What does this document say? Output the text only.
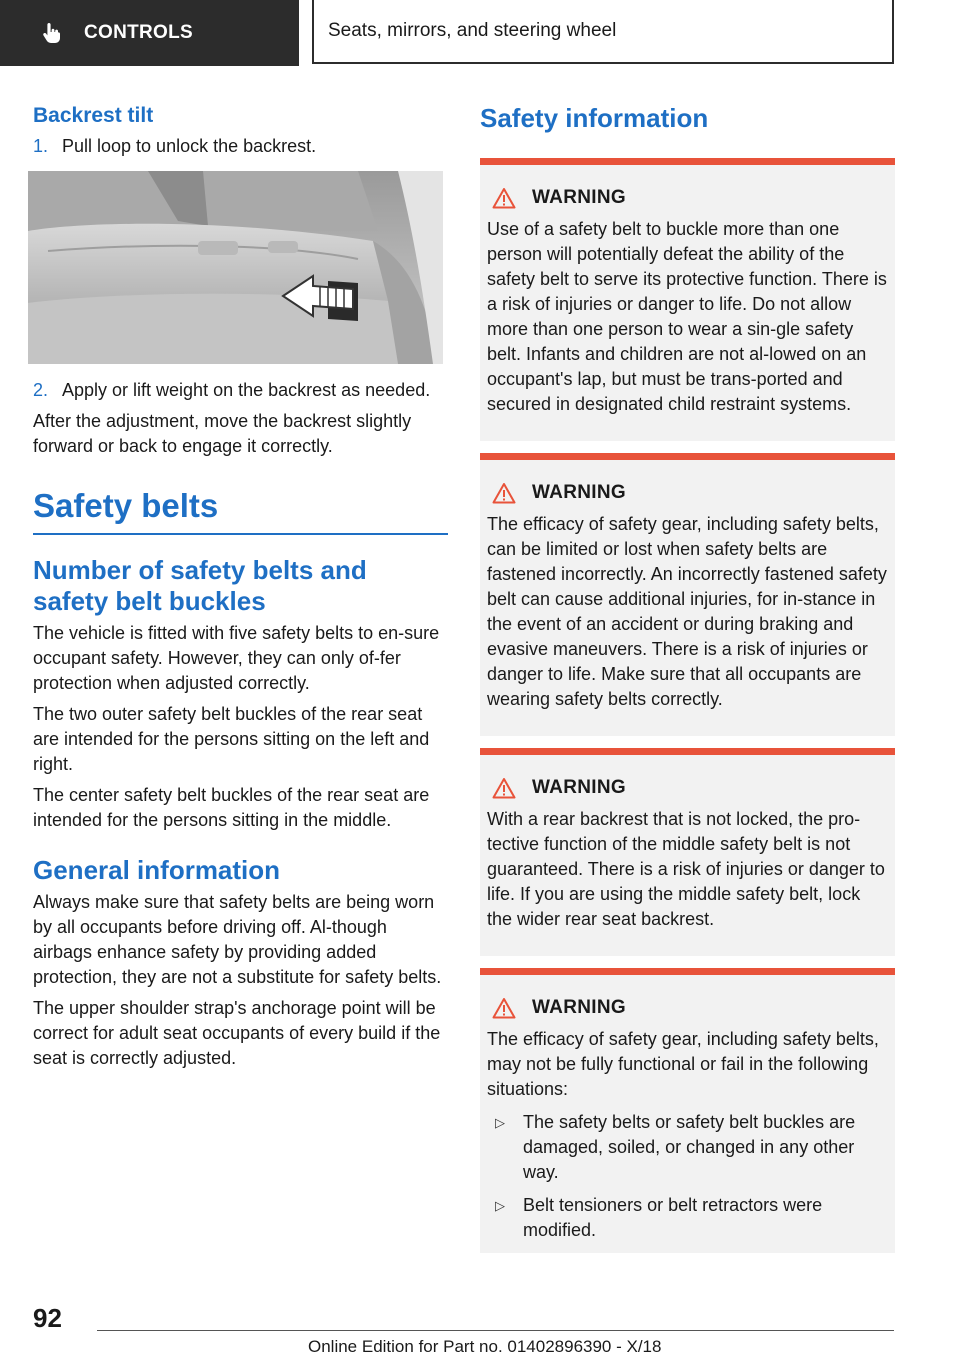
CONTROLS	Seats, mirrors, and steering wheel
Backrest tilt
1. Pull loop to unlock the backrest.
2. Apply or lift weight on the backrest as needed.

After the adjustment, move the backrest slightly forward or back to engage it correctly.

Safety belts
Number of safety belts and safety belt buckles

The vehicle is fitted with five safety belts to en-sure occupant safety. However, they can only of-fer protection when adjusted correctly.

The two outer safety belt buckles of the rear seat are intended for the persons sitting on the left and right.

The center safety belt buckles of the rear seat are intended for the persons sitting in the middle.

General information

Always make sure that safety belts are being worn by all occupants before driving off. Al-though airbags enhance safety by providing added protection, they are not a substitute for safety belts.

The upper shoulder strap's anchorage point will be correct for adult seat occupants of every build if the seat is correctly adjusted.

Safety information
WARNING

Use of a safety belt to buckle more than one person will potentially defeat the ability of the safety belt to serve its protective function. There is a risk of injuries or danger to life. Do not allow more than one person to wear a sin-gle safety belt. Infants and children are not al-lowed on an occupant's lap, but must be trans-ported and secured in designated child restraint systems.

WARNING

The efficacy of safety gear, including safety belts, can be limited or lost when safety belts are fastened incorrectly. An incorrectly fastened safety belt can cause additional injuries, for in-stance in the event of an accident or during braking and evasive maneuvers. There is a risk of injuries or danger to life. Make sure that all occupants are wearing safety belts correctly.

WARNING

With a rear backrest that is not locked, the pro-tective function of the middle safety belt is not guaranteed. There is a risk of injuries or danger to life. If you are using the middle safety belt, lock the wider rear seat backrest.

WARNING

The efficacy of safety gear, including safety belts, may not be fully functional or fail in the following situations:

▷	The safety belts or safety belt buckles are damaged, soiled, or changed in any other way.
▷	Belt tensioners or belt retractors were modified.
92
Online Edition for Part no. 01402896390 - X/18
